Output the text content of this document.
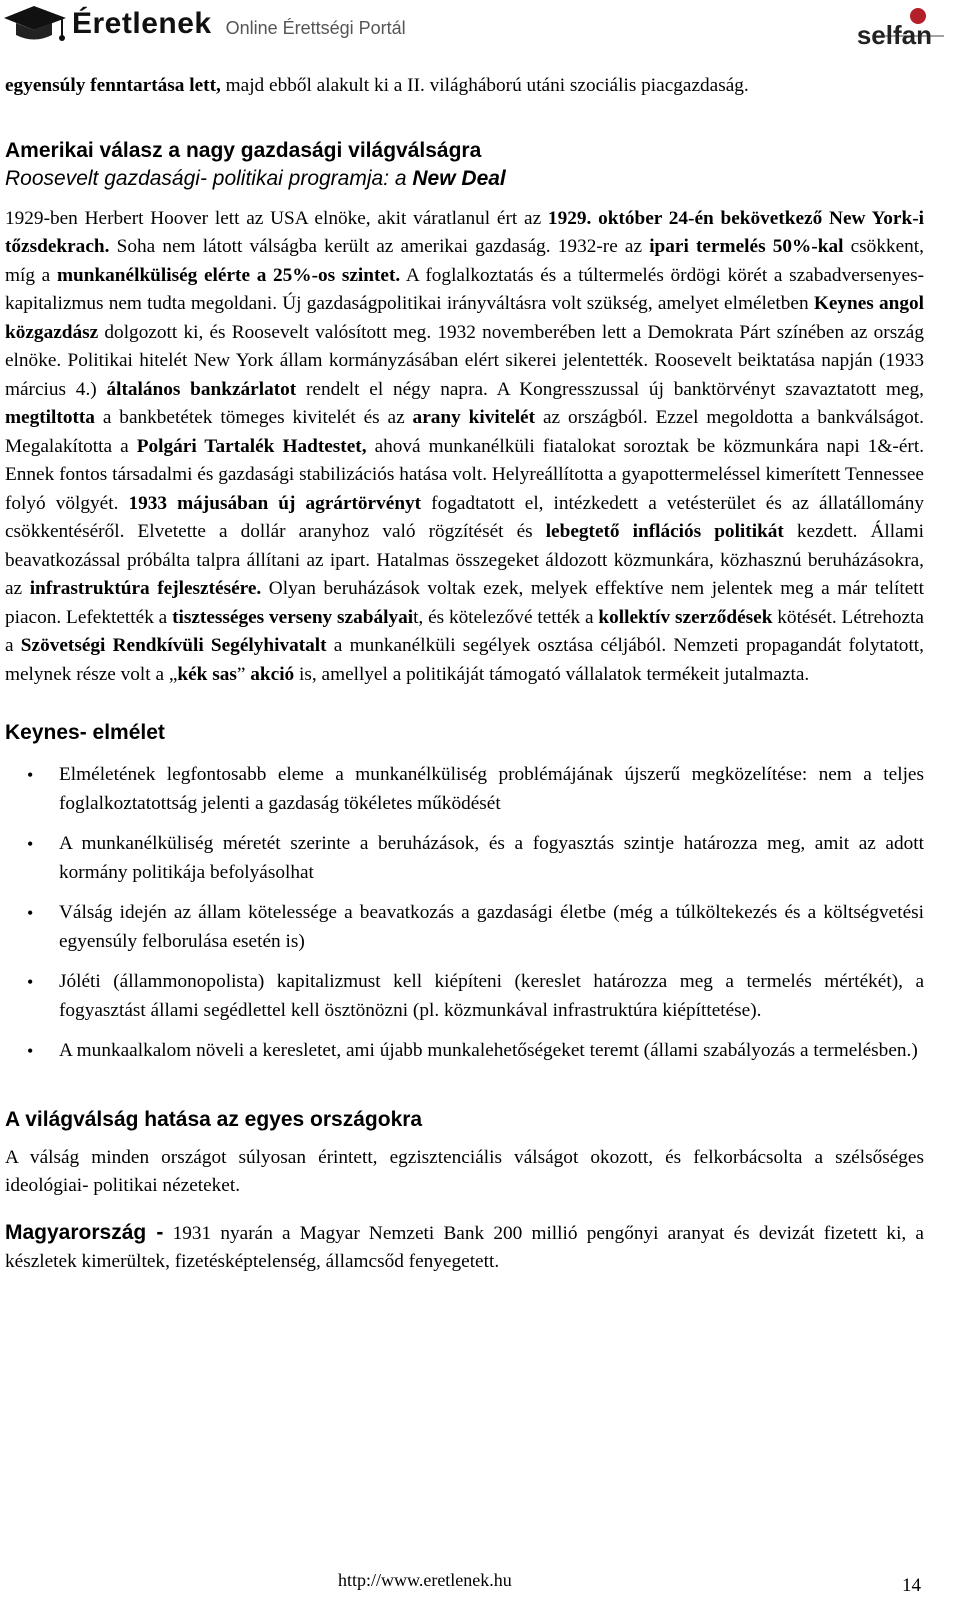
Éretlenek Online Érettségi Portál	selfan

egyensúly fenntartása lett, majd ebből alakult ki a II. világháború utáni szociális piacgazdaság.

Amerikai válasz a nagy gazdasági világválságra

Roosevelt gazdasági- politikai programja: a New Deal

1929-ben Herbert Hoover lett az USA elnöke, akit váratlanul ért az 1929. október 24-én bekövetkező New York-i tőzsdekrach. Soha nem látott válságba került az amerikai gazdaság. 1932-re az ipari termelés 50%-kal csökkent, míg a munkanélküliség elérte a 25%-os szintet. A foglalkoztatás és a túltermelés ördögi körét a szabadversenyes-kapitalizmus nem tudta megoldani. Új gazdaságpolitikai irányváltásra volt szükség, amelyet elméletben Keynes angol közgazdász dolgozott ki, és Roosevelt valósított meg. 1932 novemberében lett a Demokrata Párt színében az ország elnöke. Politikai hitelét New York állam kormányzásában elért sikerei jelentették. Roosevelt beiktatása napján (1933 március 4.) általános bankzárlatot rendelt el négy napra. A Kongresszussal új banktörvényt szavaztatott meg, megtiltotta a bankbetétek tömeges kivitelét és az arany kivitelét az országból. Ezzel megoldotta a bankválságot. Megalakította a Polgári Tartalék Hadtestet, ahová munkanélküli fiatalokat soroztak be közmunkára napi 1&-ért. Ennek fontos társadalmi és gazdasági stabilizációs hatása volt. Helyreállította a gyapottermeléssel kimerített Tennessee folyó völgyét. 1933 májusában új agrártörvényt fogadtatott el, intézkedett a vetésterület és az állatállomány csökkentéséről. Elvetette a dollár aranyhoz való rögzítését és lebegtető inflációs politikát kezdett. Állami beavatkozással próbálta talpra állítani az ipart. Hatalmas összegeket áldozott közmunkára, közhasznú beruházásokra, az infrastruktúra fejlesztésére. Olyan beruházások voltak ezek, melyek effektíve nem jelentek meg a már telített piacon. Lefektették a tisztességes verseny szabályait, és kötelezővé tették a kollektív szerződések kötését. Létrehozta a Szövetségi Rendkívüli Segélyhivatalt a munkanélküli segélyek osztása céljából. Nemzeti propagandát folytatott, melynek része volt a „kék sas” akció is, amellyel a politikáját támogató vállalatok termékeit jutalmazta.

Keynes- elmélet
• Elméletének legfontosabb eleme a munkanélküliség problémájának újszerű megközelítése: nem a teljes foglalkoztatottság jelenti a gazdaság tökéletes működését
• A munkanélküliség méretét szerinte a beruházások, és a fogyasztás szintje határozza meg, amit az adott kormány politikája befolyásolhat
• Válság idején az állam kötelessége a beavatkozás a gazdasági életbe (még a túlköltekezés és a költségvetési egyensúly felborulása esetén is)
• Jóléti (állammonopolista) kapitalizmust kell kiépíteni (kereslet határozza meg a termelés mértékét), a fogyasztást állami segédlettel kell ösztönözni (pl. közmunkával infrastruktúra kiépíttetése).
• A munkaalkalom növeli a keresletet, ami újabb munkalehetőségeket teremt (állami szabályozás a termelésben.)
A világválság hatása az egyes országokra

A válság minden országot súlyosan érintett, egzisztenciális válságot okozott, és felkorbácsolta a szélsőséges ideológiai- politikai nézeteket.

Magyarország - 1931 nyarán a Magyar Nemzeti Bank 200 millió pengőnyi aranyat és devizát fizetett ki, a készletek kimerültek, fizetésképtelenség, államcsőd fenyegetett.

http://www.eretlenek.hu	14
